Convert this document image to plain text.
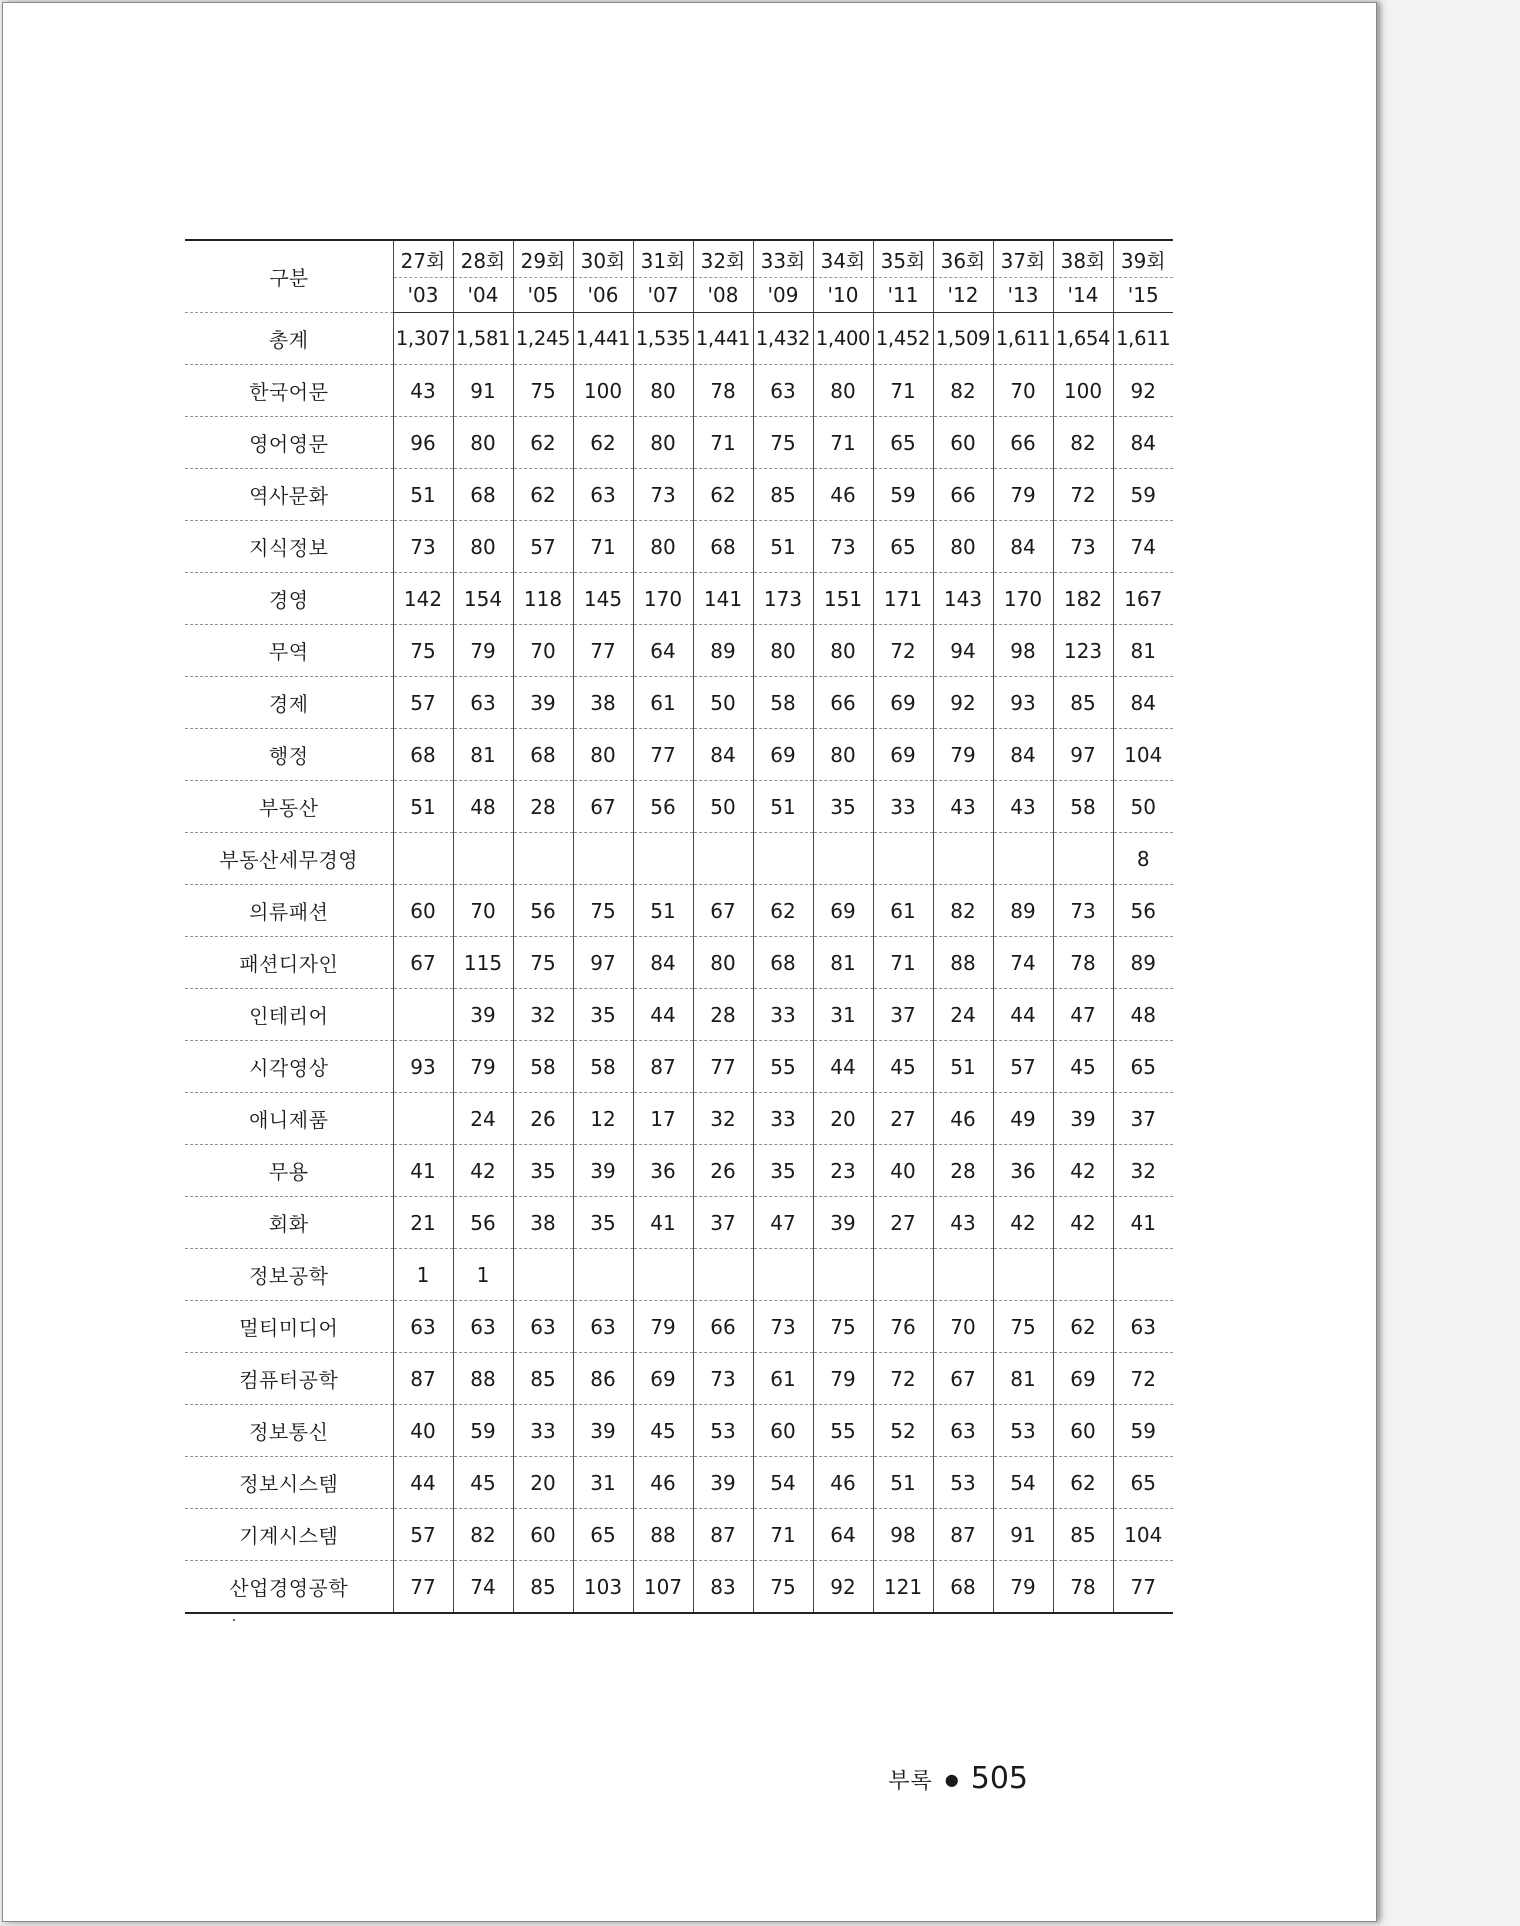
구분	27회	28회	29회	30회	31회	32회	33회	34회	35회	36회	37회	38회	39회
	'03	'04	'05	'06	'07	'08	'09	'10	'11	'12	'13	'14	'15
총계	1,307	1,581	1,245	1,441	1,535	1,441	1,432	1,400	1,452	1,509	1,611	1,654	1,611
한국어문	43	91	75	100	80	78	63	80	71	82	70	100	92
영어영문	96	80	62	62	80	71	75	71	65	60	66	82	84
역사문화	51	68	62	63	73	62	85	46	59	66	79	72	59
지식정보	73	80	57	71	80	68	51	73	65	80	84	73	74
경영	142	154	118	145	170	141	173	151	171	143	170	182	167
무역	75	79	70	77	64	89	80	80	72	94	98	123	81
경제	57	63	39	38	61	50	58	66	69	92	93	85	84
행정	68	81	68	80	77	84	69	80	69	79	84	97	104
부동산	51	48	28	67	56	50	51	35	33	43	43	58	50
부동산세무경영													8
의류패션	60	70	56	75	51	67	62	69	61	82	89	73	56
패션디자인	67	115	75	97	84	80	68	81	71	88	74	78	89
인테리어		39	32	35	44	28	33	31	37	24	44	47	48
시각영상	93	79	58	58	87	77	55	44	45	51	57	45	65
애니제품		24	26	12	17	32	33	20	27	46	49	39	37
무용	41	42	35	39	36	26	35	23	40	28	36	42	32
회화	21	56	38	35	41	37	47	39	27	43	42	42	41
정보공학	1	1											
멀티미디어	63	63	63	63	79	66	73	75	76	70	75	62	63
컴퓨터공학	87	88	85	86	69	73	61	79	72	67	81	69	72
정보통신	40	59	33	39	45	53	60	55	52	63	53	60	59
정보시스템	44	45	20	31	46	39	54	46	51	53	54	62	65
기계시스템	57	82	60	65	88	87	71	64	98	87	91	85	104
산업경영공학	77	74	85	103	107	83	75	92	121	68	79	78	77
부록 ● 505
